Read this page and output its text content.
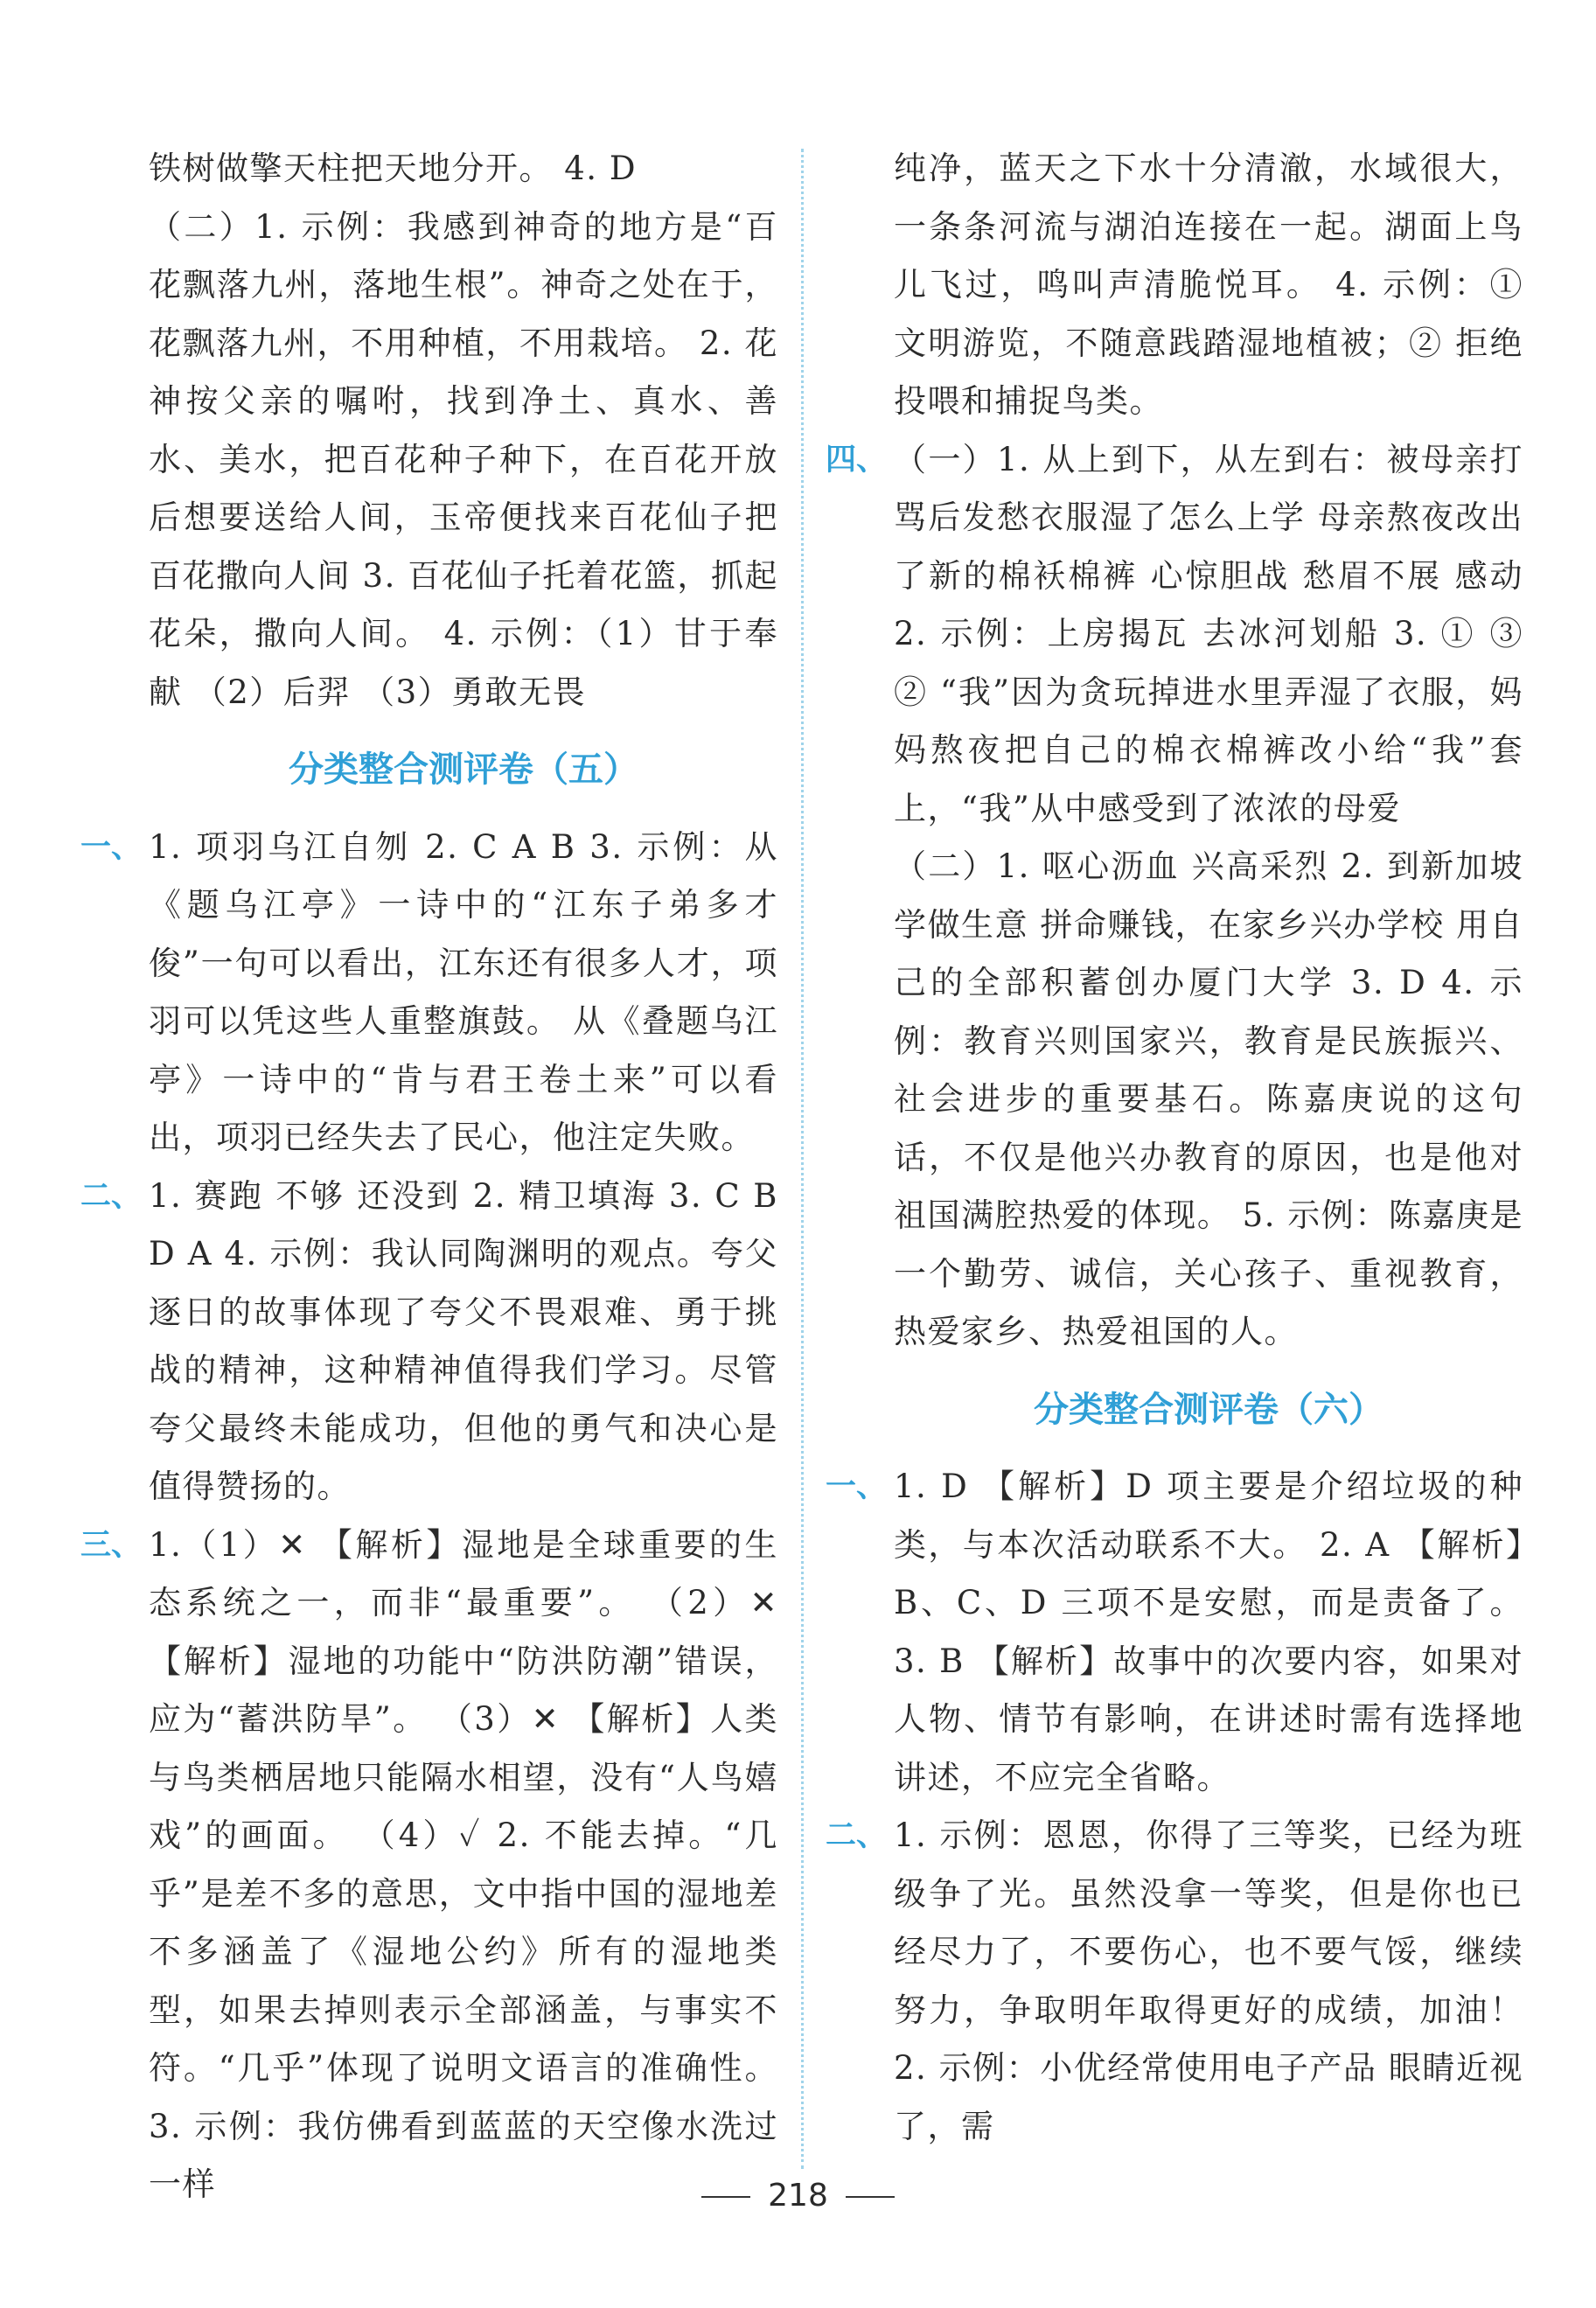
铁树做擎天柱把天地分开。 4. D

（二）1. 示例：我感到神奇的地方是“百花飘落九州，落地生根”。神奇之处在于，花飘落九州，不用种植，不用栽培。 2. 花神按父亲的嘱咐，找到净土、真水、善水、美水，把百花种子种下，在百花开放后想要送给人间，玉帝便找来百花仙子把百花撒向人间 3. 百花仙子托着花篮，抓起花朵，撒向人间。 4. 示例：（1）甘于奉献 （2）后羿 （3）勇敢无畏

分类整合测评卷（五）
一、 1. 项羽乌江自刎 2. C A B 3. 示例：从《题乌江亭》一诗中的“江东子弟多才俊”一句可以看出，江东还有很多人才，项羽可以凭这些人重整旗鼓。 从《叠题乌江亭》一诗中的“肯与君王卷土来”可以看出，项羽已经失去了民心，他注定失败。

二、 1. 赛跑 不够 还没到 2. 精卫填海 3. C B D A 4. 示例：我认同陶渊明的观点。夸父逐日的故事体现了夸父不畏艰难、勇于挑战的精神，这种精神值得我们学习。尽管夸父最终未能成功，但他的勇气和决心是值得赞扬的。

三、 1.（1）✕ 【解析】湿地是全球重要的生态系统之一，而非“最重要”。 （2）✕ 【解析】湿地的功能中“防洪防潮”错误，应为“蓄洪防旱”。 （3）✕ 【解析】人类与鸟类栖居地只能隔水相望，没有“人鸟嬉戏”的画面。 （4）✓ 2. 不能去掉。“几乎”是差不多的意思，文中指中国的湿地差不多涵盖了《湿地公约》所有的湿地类型，如果去掉则表示全部涵盖，与事实不符。“几乎”体现了说明文语言的准确性。 3. 示例：我仿佛看到蓝蓝的天空像水洗过一样

纯净，蓝天之下水十分清澈，水域很大，一条条河流与湖泊连接在一起。湖面上鸟儿飞过，鸣叫声清脆悦耳。 4. 示例：① 文明游览，不随意践踏湿地植被；② 拒绝投喂和捕捉鸟类。

四、 （一）1. 从上到下，从左到右：被母亲打骂后发愁衣服湿了怎么上学 母亲熬夜改出了新的棉袄棉裤 心惊胆战 愁眉不展 感动 2. 示例：上房揭瓦 去冰河划船 3. ① ③ ② “我”因为贪玩掉进水里弄湿了衣服，妈妈熬夜把自己的棉衣棉裤改小给“我”套上，“我”从中感受到了浓浓的母爱

（二）1. 呕心沥血 兴高采烈 2. 到新加坡学做生意 拼命赚钱，在家乡兴办学校 用自己的全部积蓄创办厦门大学 3. D 4. 示例：教育兴则国家兴，教育是民族振兴、社会进步的重要基石。陈嘉庚说的这句话，不仅是他兴办教育的原因，也是他对祖国满腔热爱的体现。 5. 示例：陈嘉庚是一个勤劳、诚信，关心孩子、重视教育，热爱家乡、热爱祖国的人。

分类整合测评卷（六）
一、 1. D 【解析】D 项主要是介绍垃圾的种类，与本次活动联系不大。 2. A 【解析】B、C、D 三项不是安慰，而是责备了。 3. B 【解析】故事中的次要内容，如果对人物、情节有影响，在讲述时需有选择地讲述，不应完全省略。

二、 1. 示例：恩恩，你得了三等奖，已经为班级争了光。虽然没拿一等奖，但是你也已经尽力了，不要伤心，也不要气馁，继续努力，争取明年取得更好的成绩，加油！ 2. 示例：小优经常使用电子产品 眼睛近视了，需

218
